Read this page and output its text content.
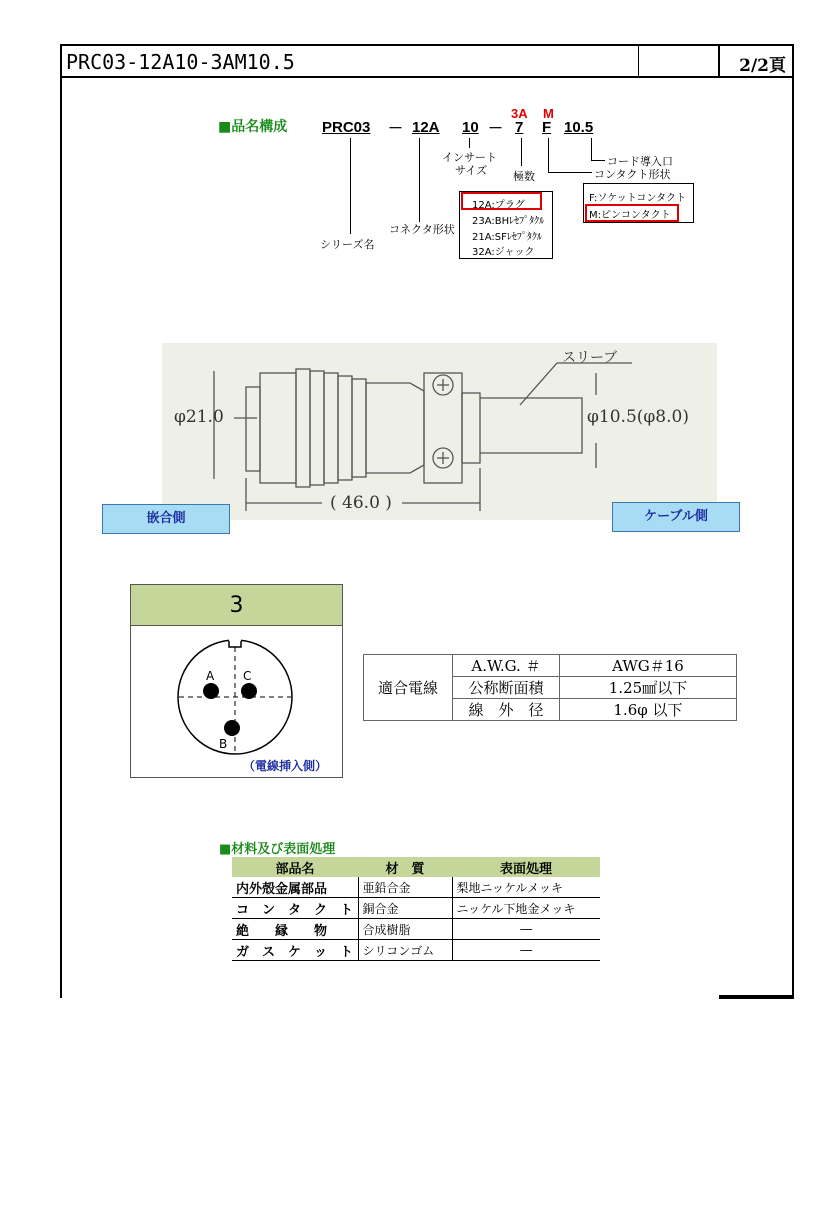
PRC03-12A10-3AM10.5	2/2頁
■品名構成
3A M
PRC03 － 12A 10 － 7 F 10.5
インサート
サイズ 極数
コード導入口
コンタクト形状
コネクタ形状
シリーズ名
12A:プラグ
23A:BHﾚｾﾌﾟﾀｸﾙ
21A:SFﾚｾﾌﾟﾀｸﾙ
32A:ジャック
F:ソケットコンタクト
M:ピンコンタクト
スリーブ
φ21.0	φ10.5(φ8.0)
( 46.0 )
嵌合側	ケーブル側
3
A C
B
（電線挿入側）
適合電線	A.W.G. ＃	AWG＃16
	公称断面積	1.25㎟以下
	線　外　径	1.6φ 以下
■材料及び表面処理
部品名	材　質	表面処理
内外殻金属部品	亜鉛合金	梨地ニッケルメッキ
コ　ン　タ　ク　ト	銅合金	ニッケル下地金メッキ
絶　　縁　　物	合成樹脂	―
ガ　ス　ケ　ッ　ト	シリコンゴム	―
